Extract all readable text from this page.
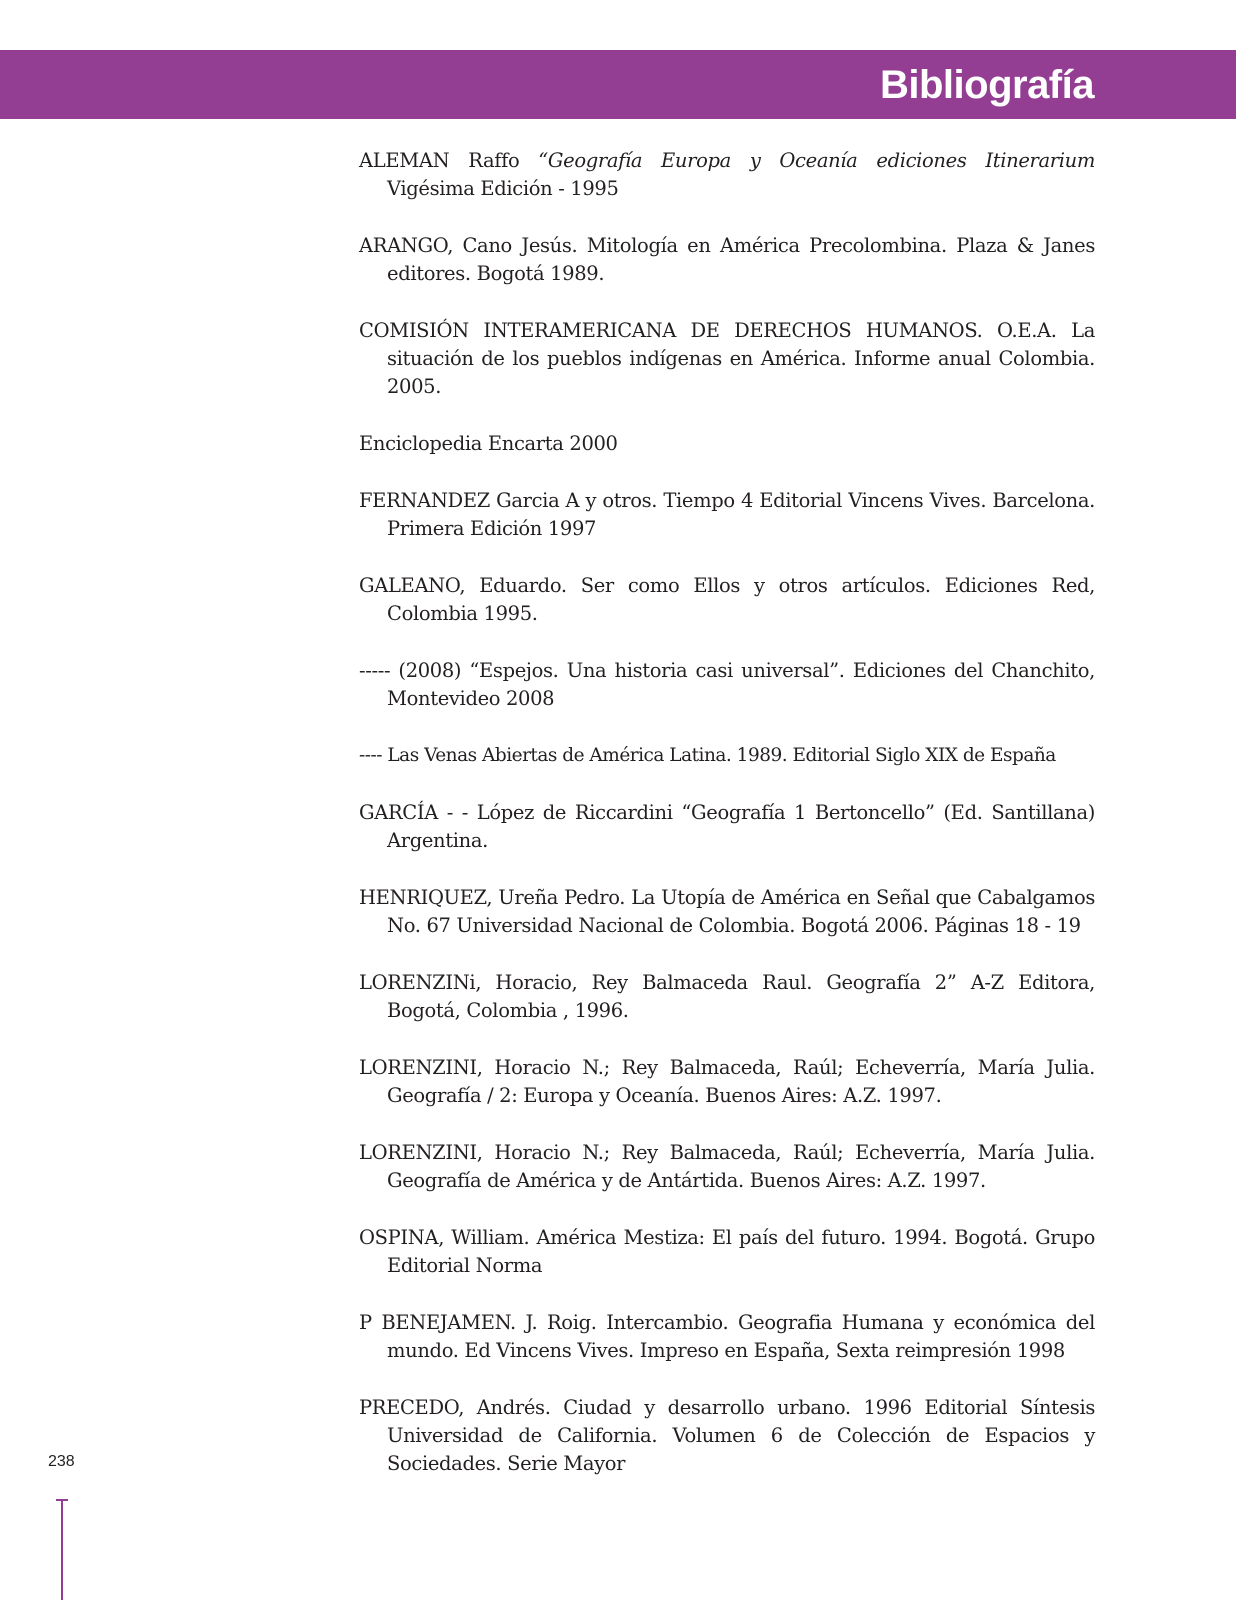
Bibliografía
ALEMAN Raffo “Geografía Europa y Oceanía ediciones Itinerarium Vigésima Edición - 1995
ARANGO, Cano Jesús. Mitología en América Precolombina. Plaza & Janes editores. Bogotá 1989.
COMISIÓN INTERAMERICANA DE DERECHOS HUMANOS. O.E.A. La situación de los pueblos indígenas en América. Informe anual Colombia. 2005.
Enciclopedia Encarta 2000
FERNANDEZ Garcia A y otros. Tiempo 4 Editorial Vincens Vives. Barcelona. Primera Edición 1997
GALEANO, Eduardo. Ser como Ellos y otros artículos. Ediciones Red, Colombia 1995.
----- (2008) “Espejos. Una historia casi universal”. Ediciones del Chanchito, Montevideo 2008
---- Las Venas Abiertas de América Latina. 1989. Editorial Siglo XIX de España
GARCÍA - - López de Riccardini “Geografía 1 Bertoncello” (Ed. Santillana) Argentina.
HENRIQUEZ, Ureña Pedro. La Utopía de América en Señal que Cabalgamos No. 67 Universidad Nacional de Colombia. Bogotá 2006. Páginas 18 - 19
LORENZINi, Horacio, Rey Balmaceda Raul. Geografía 2” A-Z Editora, Bogotá, Colombia , 1996.
LORENZINI, Horacio N.; Rey Balmaceda, Raúl; Echeverría, María Julia. Geografía / 2: Europa y Oceanía. Buenos Aires: A.Z. 1997.
LORENZINI, Horacio N.; Rey Balmaceda, Raúl; Echeverría, María Julia. Geografía de América y de Antártida. Buenos Aires: A.Z. 1997.
OSPINA, William. América Mestiza: El país del futuro. 1994. Bogotá. Grupo Editorial Norma
P BENEJAMEN. J. Roig. Intercambio. Geografia Humana y económica del mundo. Ed Vincens Vives. Impreso en España, Sexta reimpresión 1998
PRECEDO, Andrés. Ciudad y desarrollo urbano. 1996 Editorial Síntesis Universidad de California. Volumen 6 de Colección de Espacios y Sociedades. Serie Mayor

238
